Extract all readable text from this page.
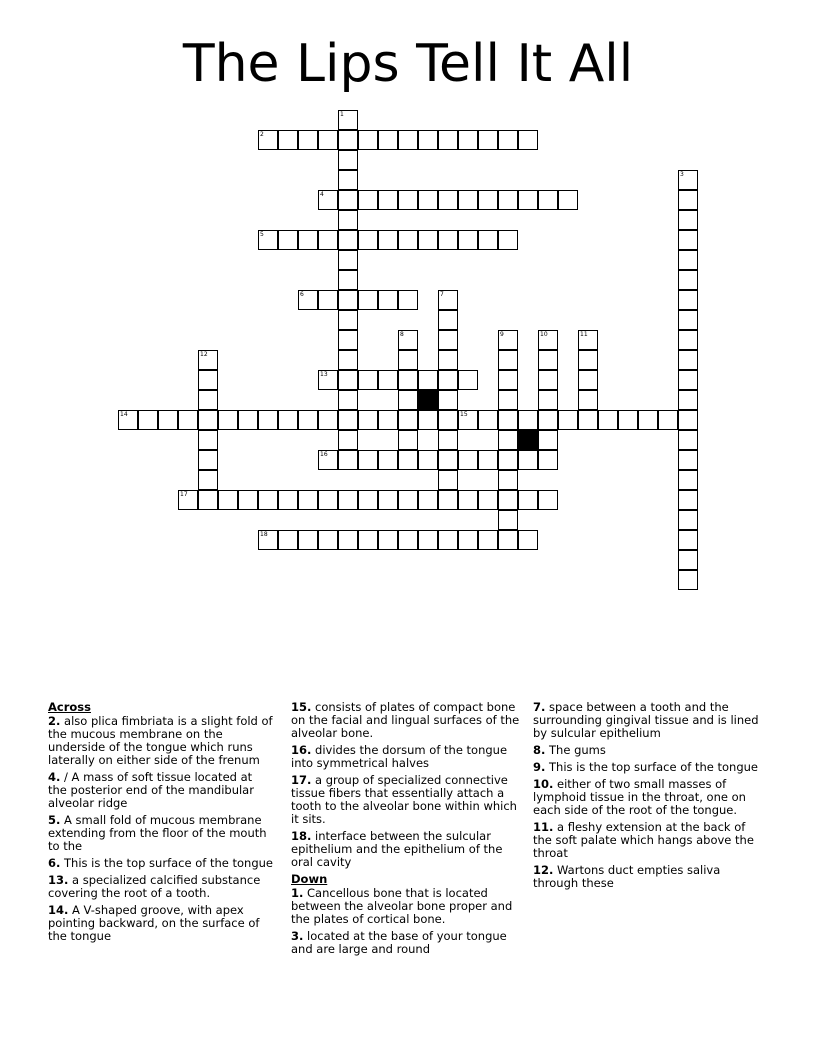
The Lips Tell It All
2
4
5
6
13
14	15
16
17
18
1
3
7
8	9	10	11
12
Across
2. also plica fimbriata is a slight fold of the mucous membrane on the underside of the tongue which runs laterally on either side of the frenum
4. / A mass of soft tissue located at the posterior end of the mandibular alveolar ridge
5. A small fold of mucous membrane extending from the floor of the mouth to the
6. This is the top surface of the tongue
13. a specialized calcified substance covering the root of a tooth.
14. A V-shaped groove, with apex pointing backward, on the surface of the tongue
15. consists of plates of compact bone on the facial and lingual surfaces of the alveolar bone.
16. divides the dorsum of the tongue into symmetrical halves
17. a group of specialized connective tissue fibers that essentially attach a tooth to the alveolar bone within which it sits.
18. interface between the sulcular epithelium and the epithelium of the oral cavity
Down
1. Cancellous bone that is located between the alveolar bone proper and the plates of cortical bone.
3. located at the base of your tongue and are large and round
7. space between a tooth and the surrounding gingival tissue and is lined by sulcular epithelium
8. The gums
9. This is the top surface of the tongue
10. either of two small masses of lymphoid tissue in the throat, one on each side of the root of the tongue.
11. a fleshy extension at the back of the soft palate which hangs above the throat
12. Wartons duct empties saliva through these
